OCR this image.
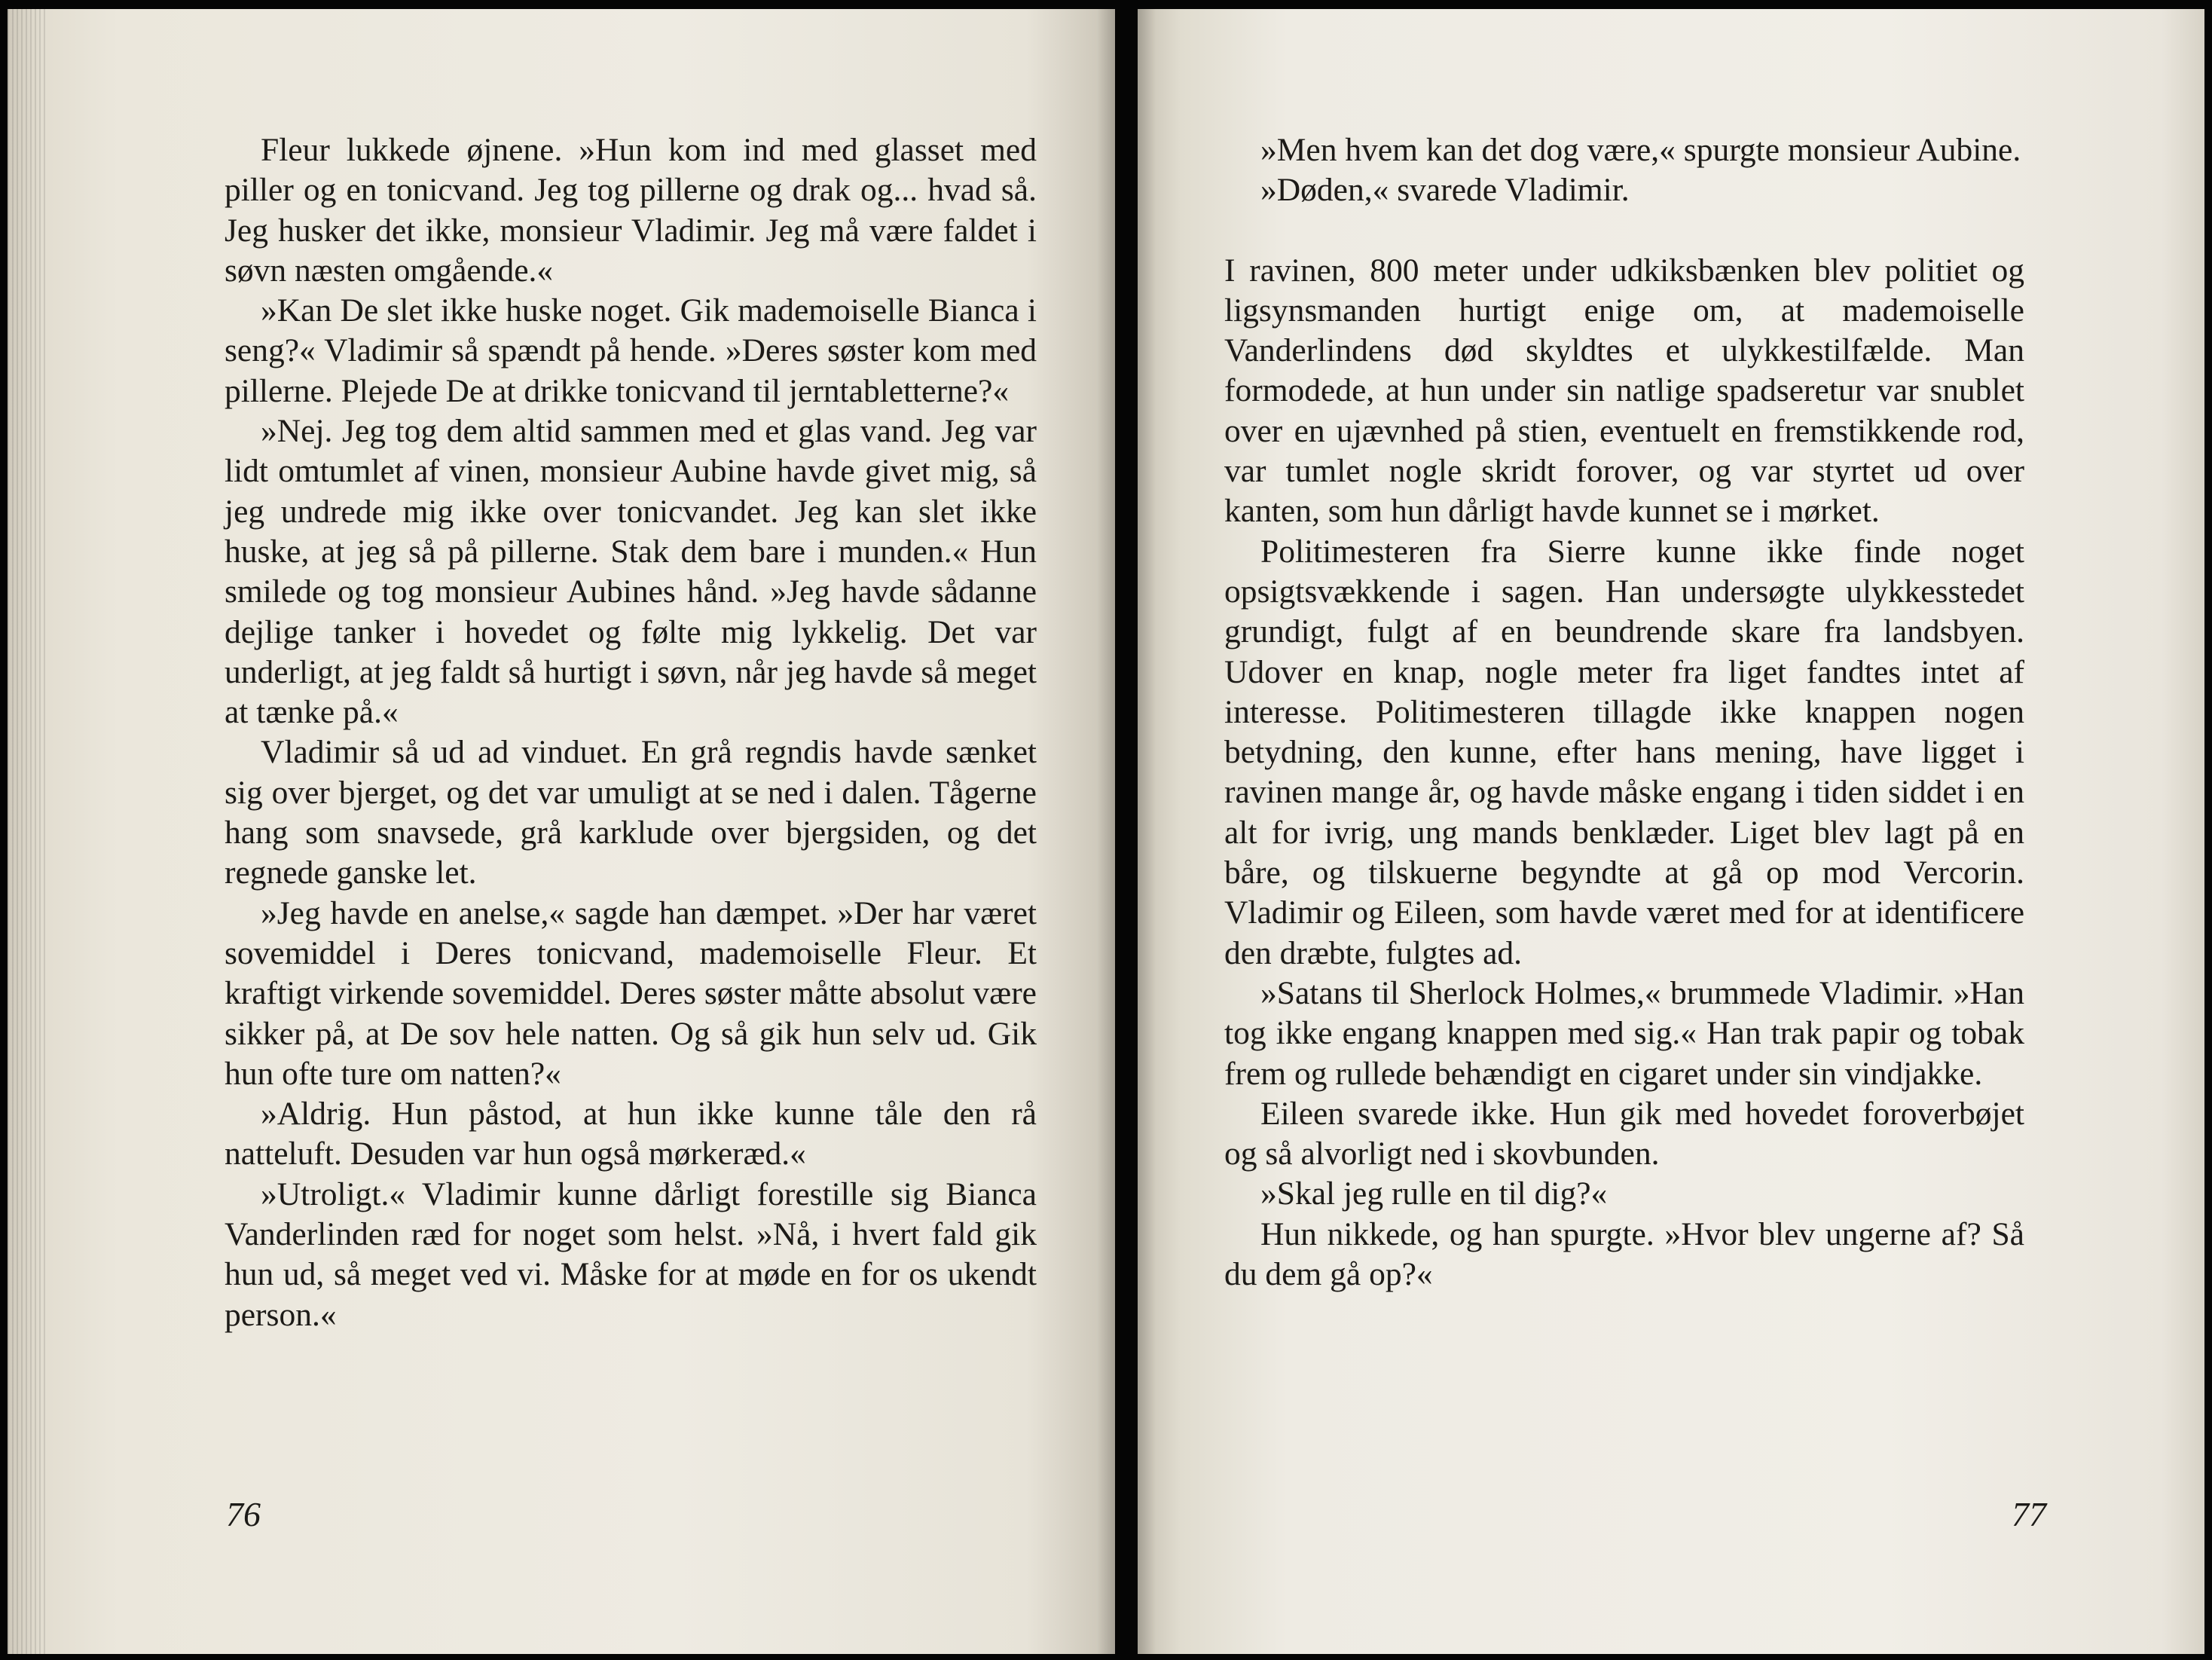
Fleur lukkede øjnene. »Hun kom ind med glasset med piller og en tonicvand. Jeg tog pillerne og drak og... hvad så. Jeg husker det ikke, monsieur Vladimir. Jeg må være faldet i søvn næsten omgående.«

»Kan De slet ikke huske noget. Gik mademoiselle Bianca i seng?« Vladimir så spændt på hende. »Deres søster kom med pillerne. Plejede De at drikke tonicvand til jerntabletterne?«

»Nej. Jeg tog dem altid sammen med et glas vand. Jeg var lidt omtumlet af vinen, monsieur Aubine havde givet mig, så jeg undrede mig ikke over tonicvandet. Jeg kan slet ikke huske, at jeg så på pillerne. Stak dem bare i munden.« Hun smilede og tog monsieur Aubines hånd. »Jeg havde sådanne dejlige tanker i hovedet og følte mig lykkelig. Det var underligt, at jeg faldt så hurtigt i søvn, når jeg havde så meget at tænke på.«

Vladimir så ud ad vinduet. En grå regndis havde sænket sig over bjerget, og det var umuligt at se ned i dalen. Tågerne hang som snavsede, grå karklude over bjergsiden, og det regnede ganske let.

»Jeg havde en anelse,« sagde han dæmpet. »Der har været sovemiddel i Deres tonicvand, mademoiselle Fleur. Et kraftigt virkende sovemiddel. Deres søster måtte absolut være sikker på, at De sov hele natten. Og så gik hun selv ud. Gik hun ofte ture om natten?«

»Aldrig. Hun påstod, at hun ikke kunne tåle den rå natteluft. Desuden var hun også mørkeræd.«

»Utroligt.« Vladimir kunne dårligt forestille sig Bianca Vanderlinden ræd for noget som helst. »Nå, i hvert fald gik hun ud, så meget ved vi. Måske for at møde en for os ukendt person.«

76

»Men hvem kan det dog være,« spurgte monsieur Aubine.

»Døden,« svarede Vladimir.

I ravinen, 800 meter under udkiksbænken blev politiet og ligsynsmanden hurtigt enige om, at mademoiselle Vanderlindens død skyldtes et ulykkestilfælde. Man formodede, at hun under sin natlige spadseretur var snublet over en ujævnhed på stien, eventuelt en fremstikkende rod, var tumlet nogle skridt forover, og var styrtet ud over kanten, som hun dårligt havde kunnet se i mørket.

Politimesteren fra Sierre kunne ikke finde noget opsigtsvækkende i sagen. Han undersøgte ulykkesstedet grundigt, fulgt af en beundrende skare fra landsbyen. Udover en knap, nogle meter fra liget fandtes intet af interesse. Politimesteren tillagde ikke knappen nogen betydning, den kunne, efter hans mening, have ligget i ravinen mange år, og havde måske engang i tiden siddet i en alt for ivrig, ung mands benklæder. Liget blev lagt på en båre, og tilskuerne begyndte at gå op mod Vercorin. Vladimir og Eileen, som havde været med for at identificere den dræbte, fulgtes ad.

»Satans til Sherlock Holmes,« brummede Vladimir. »Han tog ikke engang knappen med sig.« Han trak papir og tobak frem og rullede behændigt en cigaret under sin vindjakke.

Eileen svarede ikke. Hun gik med hovedet foroverbøjet og så alvorligt ned i skovbunden.

»Skal jeg rulle en til dig?«

Hun nikkede, og han spurgte. »Hvor blev ungerne af? Så du dem gå op?«

77
